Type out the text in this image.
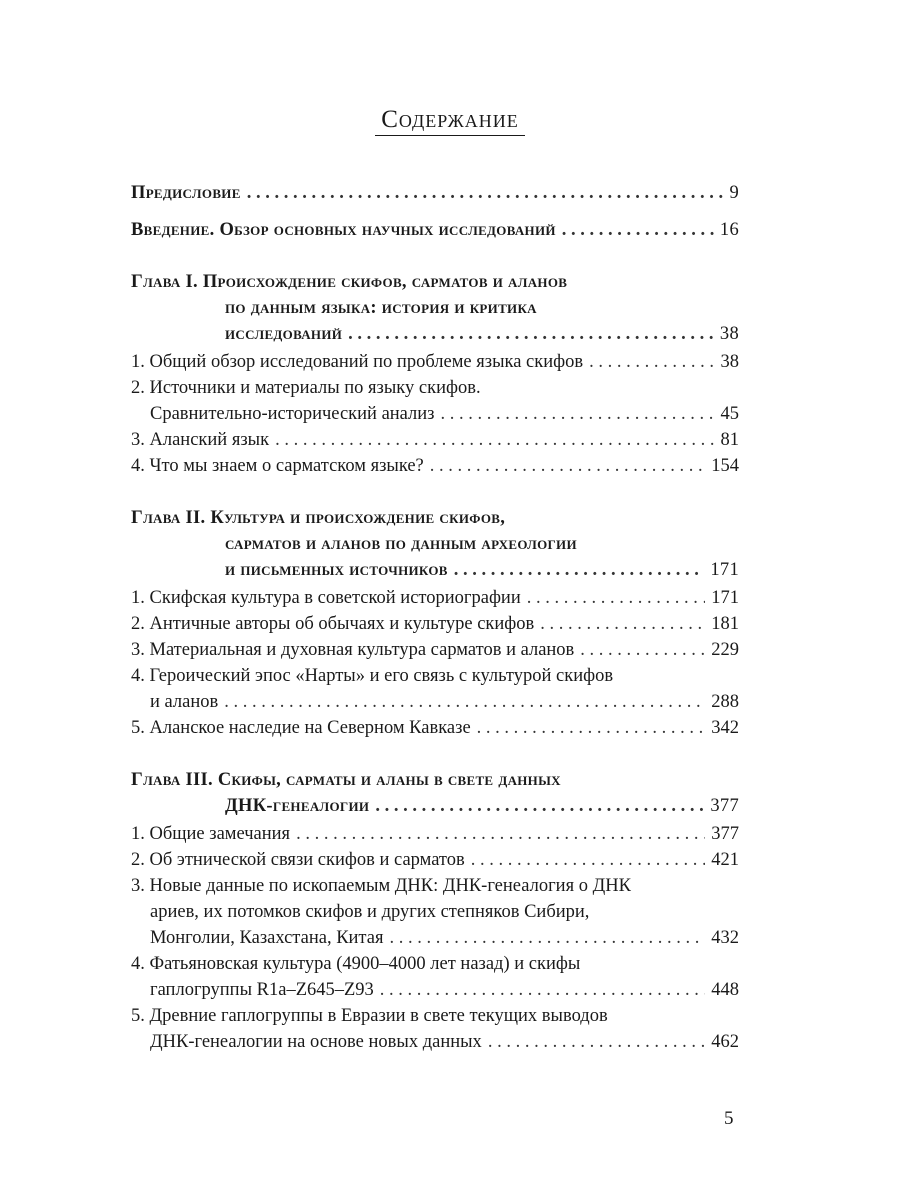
Содержание
Предисловие . . .	9
Введение. Обзор основных научных исследований . . .	16
Глава I. Происхождение скифов, сарматов и аланов
по данным языка: история и критика
исследований . . .	38
1. Общий обзор исследований по проблеме языка скифов . . .	38
2. Источники и материалы по языку скифов.
Сравнительно-исторический анализ . . .	45
3. Аланский язык . . .	81
4. Что мы знаем о сарматском языке? . . .	154
Глава II. Культура и происхождение скифов,
сарматов и аланов по данным археологии
и письменных источников . . .	171
1. Скифская культура в советской историографии . . .	171
2. Античные авторы об обычаях и культуре скифов . . .	181
3. Материальная и духовная культура сарматов и аланов . . .	229
4. Героический эпос «Нарты» и его связь с культурой скифов
и аланов . . .	288
5. Аланское наследие на Северном Кавказе . . .	342
Глава III. Скифы, сарматы и аланы в свете данных
ДНК-генеалогии . . .	377
1. Общие замечания . . .	377
2. Об этнической связи скифов и сарматов . . .	421
3. Новые данные по ископаемым ДНК: ДНК-генеалогия о ДНК
ариев, их потомков скифов и других степняков Сибири,
Монголии, Казахстана, Китая . . .	432
4. Фатьяновская культура (4900–4000 лет назад) и скифы
гаплогруппы R1a–Z645–Z93 . . .	448
5. Древние гаплогруппы в Евразии в свете текущих выводов
ДНК-генеалогии на основе новых данных . . .	462
5
